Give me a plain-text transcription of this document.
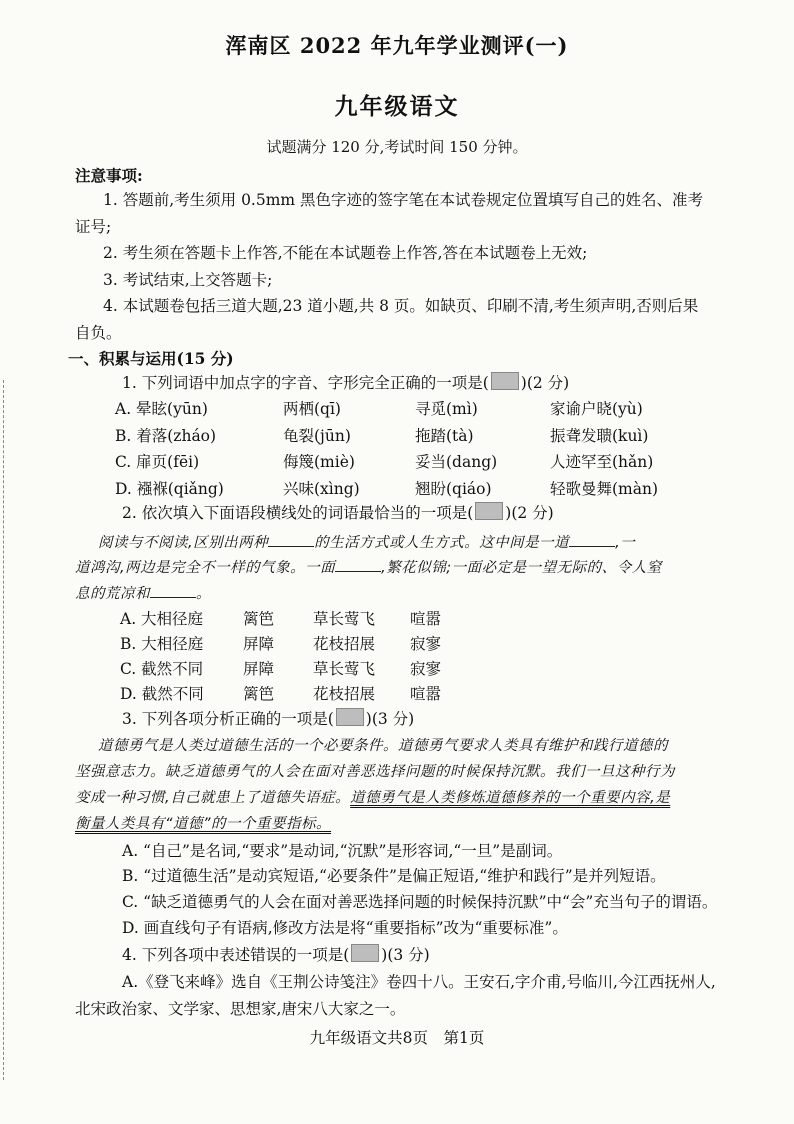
浑南区 2022 年九年学业测评(一)
九年级语文
试题满分 120 分,考试时间 150 分钟。
注意事项:
1. 答题前,考生须用 0.5mm 黑色字迹的签字笔在本试卷规定位置填写自己的姓名、准考
证号;
2. 考生须在答题卡上作答,不能在本试题卷上作答,答在本试题卷上无效;
3. 考试结束,上交答题卡;
4. 本试题卷包括三道大题,23 道小题,共 8 页。如缺页、印刷不清,考生须声明,否则后果
自负。
一、积累与运用(15 分)
1. 下列词语中加点字的字音、字形完全正确的一项是( )(2 分)
A. 晕眩(yūn)	两栖(qī)	寻觅(mì)	家谕户晓(yù)
B. 着落(zháo)	龟裂(jūn)	拖踏(tà)	振聋发聩(kuì)
C. 扉页(fēi)	侮篾(miè)	妥当(dang)	人迹罕至(hǎn)
D. 襁褓(qiǎng)	兴味(xìng)	翘盼(qiáo)	轻歌曼舞(màn)
2. 依次填入下面语段横线处的词语最恰当的一项是( )(2 分)
阅读与不阅读,区别出两种	的生活方式或人生方式。这中间是一道	,一
道鸿沟,两边是完全不一样的气象。一面	,繁花似锦;一面必定是一望无际的、令人窒
息的荒凉和	。
A. 大相径庭	篱笆	草长莺飞 喧嚣
B. 大相径庭	屏障	花枝招展 寂寥
C. 截然不同	屏障	草长莺飞 寂寥
D. 截然不同	篱笆	花枝招展 喧嚣
3. 下列各项分析正确的一项是( )(3 分)
道德勇气是人类过道德生活的一个必要条件。道德勇气要求人类具有维护和践行道德的
坚强意志力。缺乏道德勇气的人会在面对善恶选择问题的时候保持沉默。我们一旦这种行为
变成一种习惯,自己就患上了道德失语症。道德勇气是人类修炼道德修养的一个重要内容,是
衡量人类具有“道德”的一个重要指标。
A. “自己”是名词,“要求”是动词,“沉默”是形容词,“一旦”是副词。
B. “过道德生活”是动宾短语,“必要条件”是偏正短语,“维护和践行”是并列短语。
C. “缺乏道德勇气的人会在面对善恶选择问题的时候保持沉默”中“会”充当句子的谓语。
D. 画直线句子有语病,修改方法是将“重要指标”改为“重要标准”。
4. 下列各项中表述错误的一项是( )(3 分)
A.《登飞来峰》选自《王荆公诗笺注》卷四十八。王安石,字介甫,号临川,今江西抚州人,
北宋政治家、文学家、思想家,唐宋八大家之一。
九年级语文共8页　第1页
